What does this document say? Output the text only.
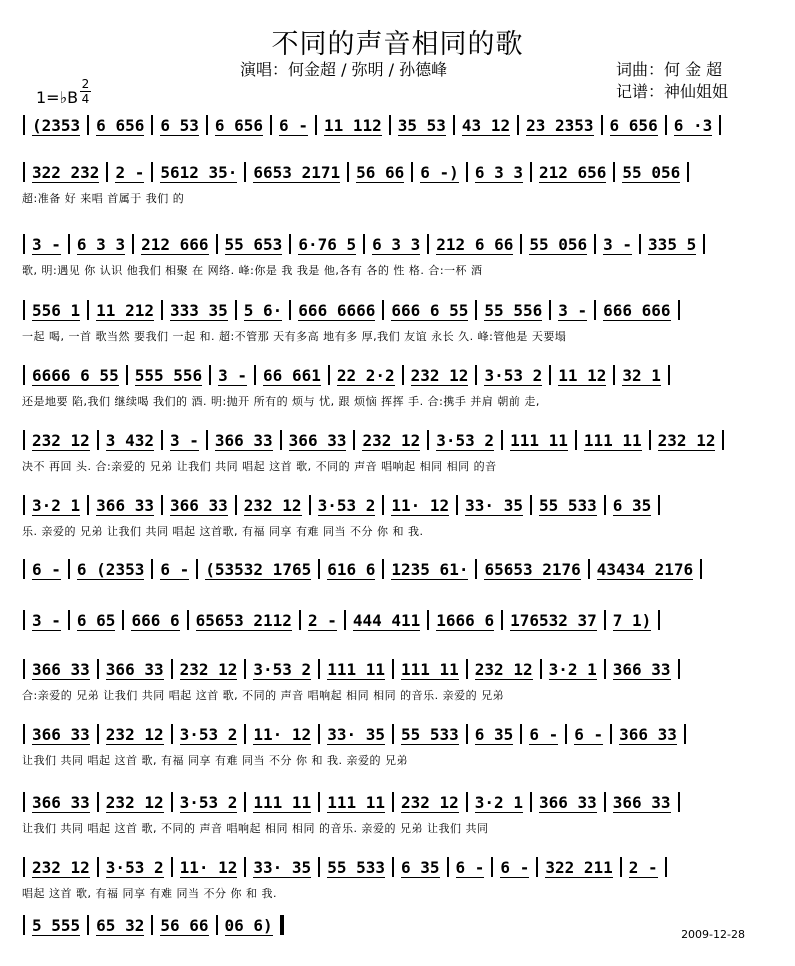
不同的声音相同的歌
演唱：何金超 / 弥明 / 孙德峰	词曲：何 金 超
记谱：神仙姐姐
1=♭B
2
4
(2353	6 656	6 53	6 656	6 -	11 112	35 53	43 12	23 2353	6 656	6 ·3
322 232	2 -	5612 35·	6653 2171	56 66	6 -)	6 3 3	212 656	55 056
超:准备 好 来唱 首属于 我们 的
3 -	6 3 3	212 666	55 653	6·76 5	6 3 3	212 6 66	55 056	3 -	335 5
歌, 明:遇见 你 认识 他我们 相聚 在 网络. 峰:你是 我 我是 他,各有 各的 性 格. 合:一杯 酒
556 1	11 212	333 35	5 6·	666 6666	666 6 55	55 556	3 -	666 666
一起 喝, 一首 歌当然 要我们 一起 和. 超:不管那 天有多高 地有多 厚,我们 友谊 永长 久. 峰:管他是 天要塌
6666 6 55	555 556	3 -	66 661	22 2·2	232 12	3·53 2	11 12	32 1
还是地要 陷,我们 继续喝 我们的 酒. 明:抛开 所有的 烦与 忧, 跟 烦恼 挥挥 手. 合:携手 并肩 朝前 走,
232 12	3 432	3 -	366 33	366 33	232 12	3·53 2	111 11	111 11	232 12
决不 再回 头. 合:亲爱的 兄弟 让我们 共同 唱起 这首 歌, 不同的 声音 唱响起 相同 相同 的音
3·2 1	366 33	366 33	232 12	3·53 2	11· 12	33· 35	55 533	6 35
乐. 亲爱的 兄弟 让我们 共同 唱起 这首歌, 有福 同享 有难 同当 不分 你 和 我.
6 -	6 (2353	6 -	(53532 1765	616 6	1235 61·	65653 2176	43434 2176
3 -	6 65	666 6	65653 2112	2 -	444 411	1666 6	176532 37	7 1)
366 33	366 33	232 12	3·53 2	111 11	111 11	232 12	3·2 1	366 33
合:亲爱的 兄弟 让我们 共同 唱起 这首 歌, 不同的 声音 唱响起 相同 相同 的音乐. 亲爱的 兄弟
366 33	232 12	3·53 2	11· 12	33· 35	55 533	6 35	6 -	6 -	366 33
让我们 共同 唱起 这首 歌, 有福 同享 有难 同当 不分 你 和 我. 亲爱的 兄弟
366 33	232 12	3·53 2	111 11	111 11	232 12	3·2 1	366 33	366 33
让我们 共同 唱起 这首 歌, 不同的 声音 唱响起 相同 相同 的音乐. 亲爱的 兄弟 让我们 共同
232 12	3·53 2	11· 12	33· 35	55 533	6 35	6 -	6 -	322 211	2 -
唱起 这首 歌, 有福 同享 有难 同当 不分 你 和 我.
5 555	65 32	56 66	06 6)	2009-12-28
